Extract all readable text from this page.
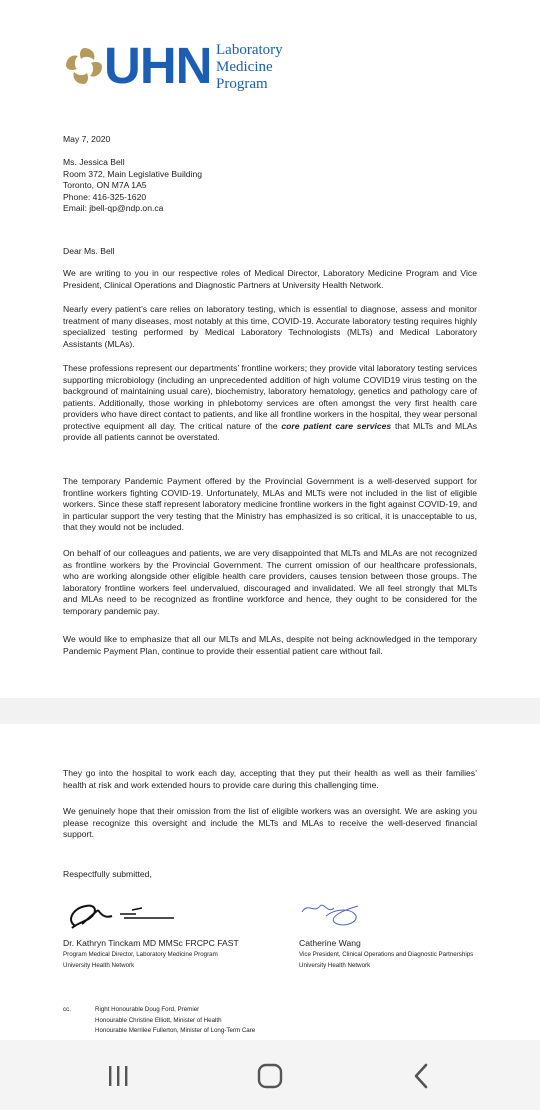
UHN Laboratory
Medicine
Program
May 7, 2020
Ms. Jessica Bell
Room 372, Main Legislative Building
Toronto, ON M7A 1A5
Phone: 416-325-1620
Email: jbell-qp@ndp.on.ca
Dear Ms. Bell
We are writing to you in our respective roles of Medical Director, Laboratory Medicine Program and Vice President, Clinical Operations and Diagnostic Partners at University Health Network.
Nearly every patient’s care relies on laboratory testing, which is essential to diagnose, assess and monitor treatment of many diseases, most notably at this time, COVID-19. Accurate laboratory testing requires highly specialized testing performed by Medical Laboratory Technologists (MLTs) and Medical Laboratory Assistants (MLAs).
These professions represent our departments’ frontline workers; they provide vital laboratory testing services supporting microbiology (including an unprecedented addition of high volume COVID19 virus testing on the background of maintaining usual care), biochemistry, laboratory hematology, genetics and pathology care of patients. Additionally, those working in phlebotomy services are often amongst the very first health care providers who have direct contact to patients, and like all frontline workers in the hospital, they wear personal protective equipment all day. The critical nature of the core patient care services that MLTs and MLAs provide all patients cannot be overstated.
The temporary Pandemic Payment offered by the Provincial Government is a well-deserved support for frontline workers fighting COVID-19. Unfortunately, MLAs and MLTs were not included in the list of eligible workers. Since these staff represent laboratory medicine frontline workers in the fight against COVID-19, and in particular support the very testing that the Ministry has emphasized is so critical, it is unacceptable to us, that they would not be included.
On behalf of our colleagues and patients, we are very disappointed that MLTs and MLAs are not recognized as frontline workers by the Provincial Government. The current omission of our healthcare professionals, who are working alongside other eligible health care providers, causes tension between those groups. The laboratory frontline workers feel undervalued, discouraged and invalidated. We all feel strongly that MLTs and MLAs need to be recognized as frontline workforce and hence, they ought to be considered for the temporary pandemic pay.
We would like to emphasize that all our MLTs and MLAs, despite not being acknowledged in the temporary Pandemic Payment Plan, continue to provide their essential patient care without fail.
They go into the hospital to work each day, accepting that they put their health as well as their families’ health at risk and work extended hours to provide care during this challenging time.
We genuinely hope that their omission from the list of eligible workers was an oversight. We are asking you please recognize this oversight and include the MLTs and MLAs to receive the well-deserved financial support.
Respectfully submitted,
Dr. Kathryn Tinckam MD MMSc FRCPC FAST
Program Medical Director, Laboratory Medicine Program
University Health Network
Catherine Wang
Vice President, Clinical Operations and Diagnostic Partnerships
University Health Network
cc.	Right Honourable Doug Ford, Premier
Honourable Christine Elliott, Minister of Health
Honourable Merrilee Fullerton, Minister of Long-Term Care
